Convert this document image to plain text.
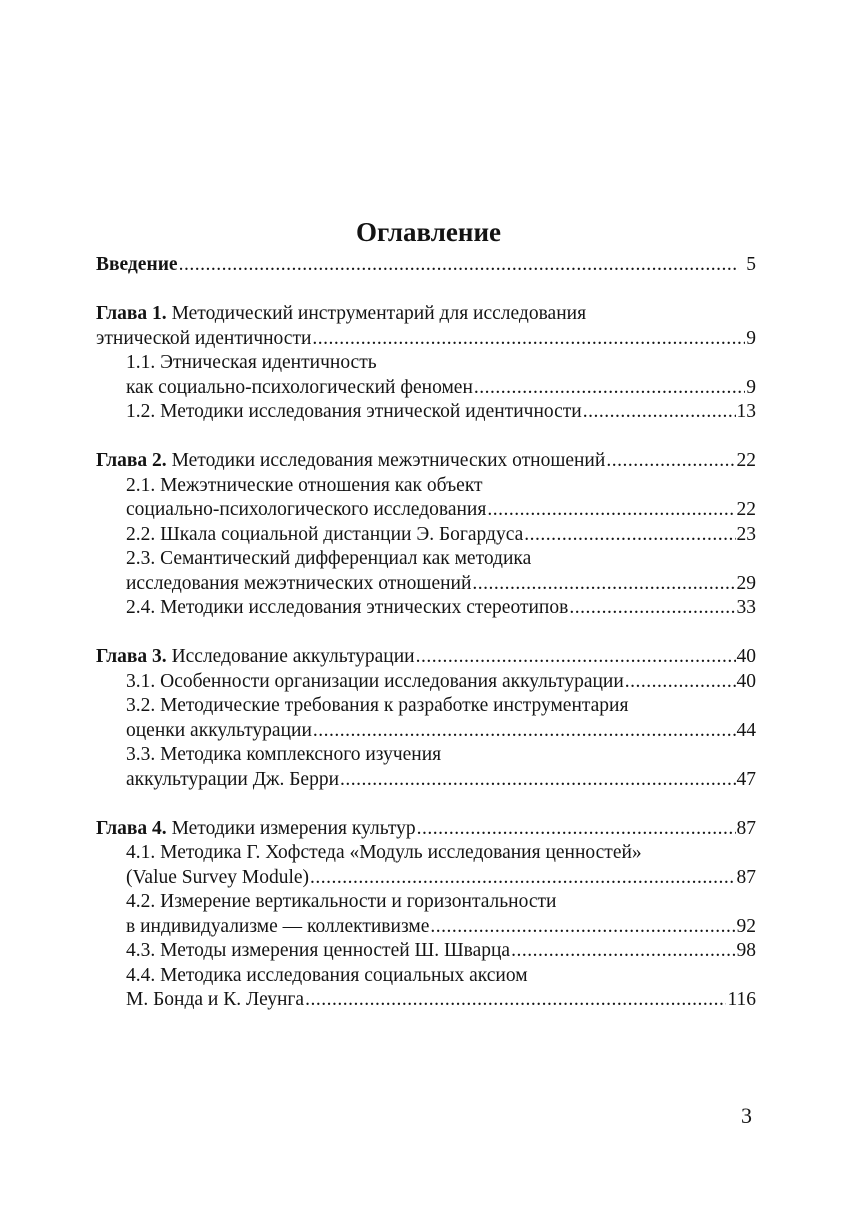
Оглавление
Введение .....	5
Глава 1. Методический инструментарий для исследования
этнической идентичности .....	9
1.1. Этническая идентичность
как социально-психологический феномен .....	9
1.2. Методики исследования этнической идентичности .....	13
Глава 2. Методики исследования межэтнических отношений .....	22
2.1. Межэтнические отношения как объект
социально-психологического исследования .....	22
2.2. Шкала социальной дистанции Э. Богардуса .....	23
2.3. Семантический дифференциал как методика
исследования межэтнических отношений .....	29
2.4. Методики исследования этнических стереотипов .....	33
Глава 3. Исследование аккультурации .....	40
3.1. Особенности организации исследования аккультурации .....	40
3.2. Методические требования к разработке инструментария
оценки аккультурации .....	44
3.3. Методика комплексного изучения
аккультурации Дж. Берри .....	47
Глава 4. Методики измерения культур .....	87
4.1. Методика Г. Хофстеда «Модуль исследования ценностей»
(Value Survey Module) .....	87
4.2. Измерение вертикальности и горизонтальности
в индивидуализме — коллективизме .....	92
4.3. Методы измерения ценностей Ш. Шварца .....	98
4.4. Методика исследования социальных аксиом
М. Бонда и К. Леунга .....	116
3
